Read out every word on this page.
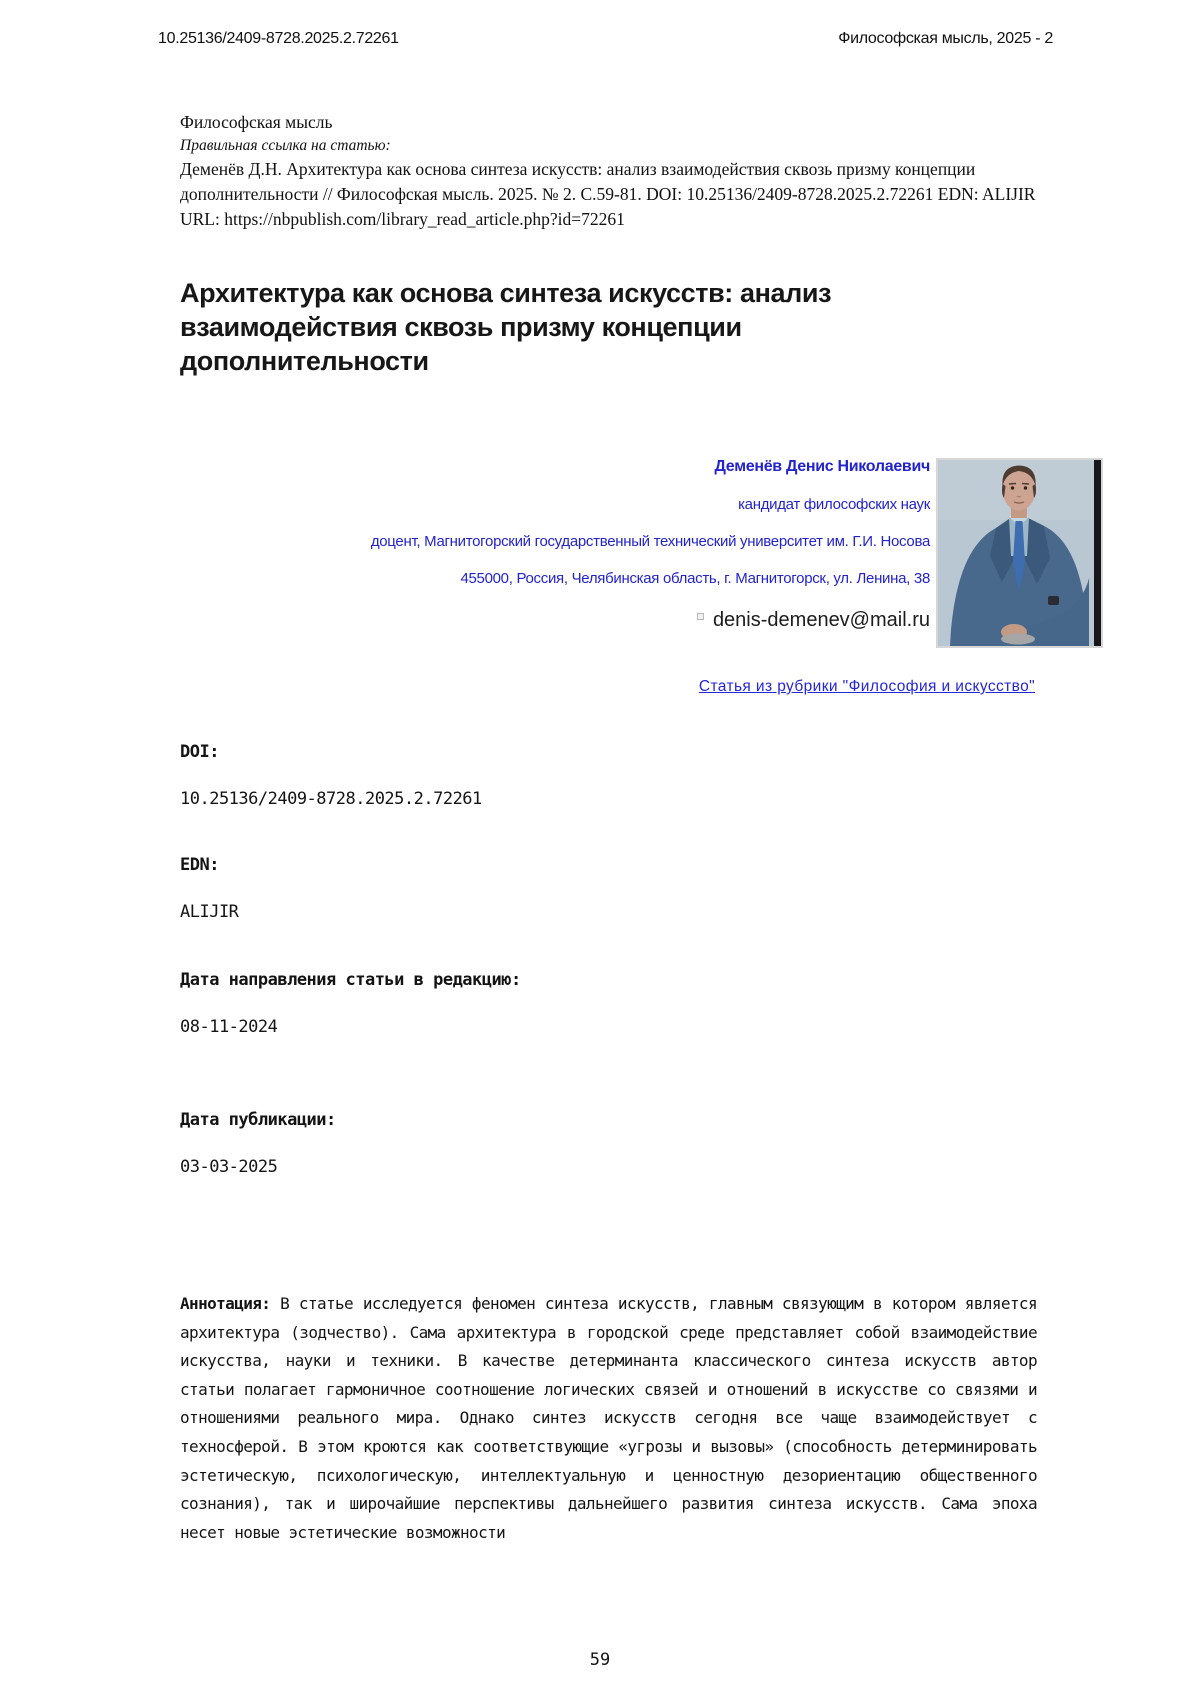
10.25136/2409-8728.2025.2.72261	Философская мысль, 2025 - 2
Философская мысль
Правильная ссылка на статью:

Деменёв Д.Н. Архитектура как основа синтеза искусств: анализ взаимодействия сквозь призму концепции дополнительности // Философская мысль. 2025. № 2. С.59-81. DOI: 10.25136/2409-8728.2025.2.72261 EDN: ALIJIR URL: https://nbpublish.com/library_read_article.php?id=72261

Архитектура как основа синтеза искусств: анализ взаимодействия сквозь призму концепции дополнительности
Деменёв Денис Николаевич
кандидат философских наук
доцент, Магнитогорский государственный технический университет им. Г.И. Носова
455000, Россия, Челябинская область, г. Магнитогорск, ул. Ленина, 38
denis-demenev@mail.ru
Статья из рубрики "Философия и искусство"
DOI:
10.25136/2409-8728.2025.2.72261
EDN:
ALIJIR
Дата направления статьи в редакцию:
08-11-2024
Дата публикации:
03-03-2025

Аннотация: В статье исследуется феномен синтеза искусств, главным связующим в котором является архитектура (зодчество). Сама архитектура в городской среде представляет собой взаимодействие искусства, науки и техники. В качестве детерминанта классического синтеза искусств автор статьи полагает гармоничное соотношение логических связей и отношений в искусстве со связями и отношениями реального мира. Однако синтез искусств сегодня все чаще взаимодействует с техносферой. В этом кроются как соответствующие «угрозы и вызовы» (способность детерминировать эстетическую, психологическую, интеллектуальную и ценностную дезориентацию общественного сознания), так и широчайшие перспективы дальнейшего развития синтеза искусств. Сама эпоха несет новые эстетические возможности

59
